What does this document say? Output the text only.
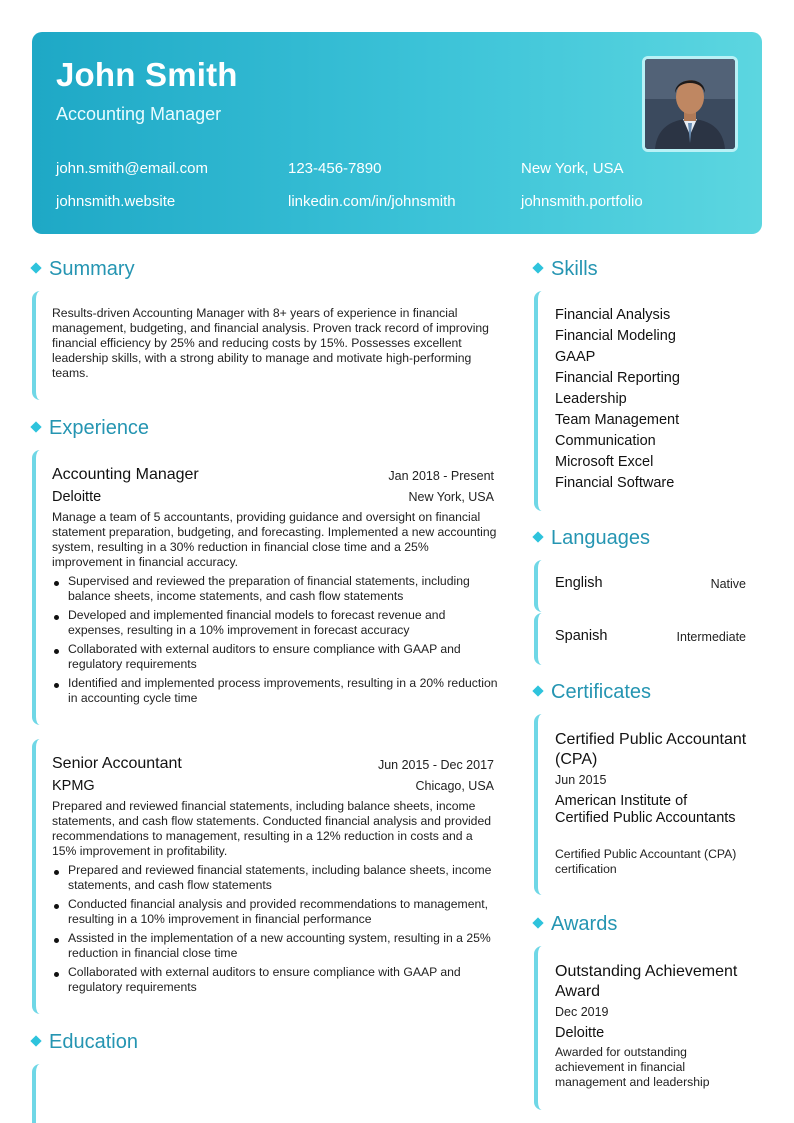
John Smith
Accounting Manager
john.smith@email.com	123-456-7890	New York, USA
johnsmith.website	linkedin.com/in/johnsmith	johnsmith.portfolio
Summary
Results-driven Accounting Manager with 8+ years of experience in financial management, budgeting, and financial analysis. Proven track record of improving financial efficiency by 25% and reducing costs by 15%. Possesses excellent leadership skills, with a strong ability to manage and motivate high-performing teams.
Experience
Accounting Manager	Jan 2018 - Present
Deloitte	New York, USA
Manage a team of 5 accountants, providing guidance and oversight on financial statement preparation, budgeting, and forecasting. Implemented a new accounting system, resulting in a 30% reduction in financial close time and a 25% improvement in financial accuracy.
Supervised and reviewed the preparation of financial statements, including balance sheets, income statements, and cash flow statements
Developed and implemented financial models to forecast revenue and expenses, resulting in a 10% improvement in forecast accuracy
Collaborated with external auditors to ensure compliance with GAAP and regulatory requirements
Identified and implemented process improvements, resulting in a 20% reduction in accounting cycle time
Senior Accountant	Jun 2015 - Dec 2017
KPMG	Chicago, USA
Prepared and reviewed financial statements, including balance sheets, income statements, and cash flow statements. Conducted financial analysis and provided recommendations to management, resulting in a 12% reduction in costs and a 15% improvement in profitability.
Prepared and reviewed financial statements, including balance sheets, income statements, and cash flow statements
Conducted financial analysis and provided recommendations to management, resulting in a 10% improvement in financial performance
Assisted in the implementation of a new accounting system, resulting in a 25% reduction in financial close time
Collaborated with external auditors to ensure compliance with GAAP and regulatory requirements
Education
Skills
Financial Analysis
Financial Modeling
GAAP
Financial Reporting
Leadership
Team Management
Communication
Microsoft Excel
Financial Software
Languages
English	Native
Spanish	Intermediate
Certificates
Certified Public Accountant (CPA)
Jun 2015
American Institute of Certified Public Accountants
Certified Public Accountant (CPA) certification
Awards
Outstanding Achievement Award
Dec 2019
Deloitte
Awarded for outstanding achievement in financial management and leadership
